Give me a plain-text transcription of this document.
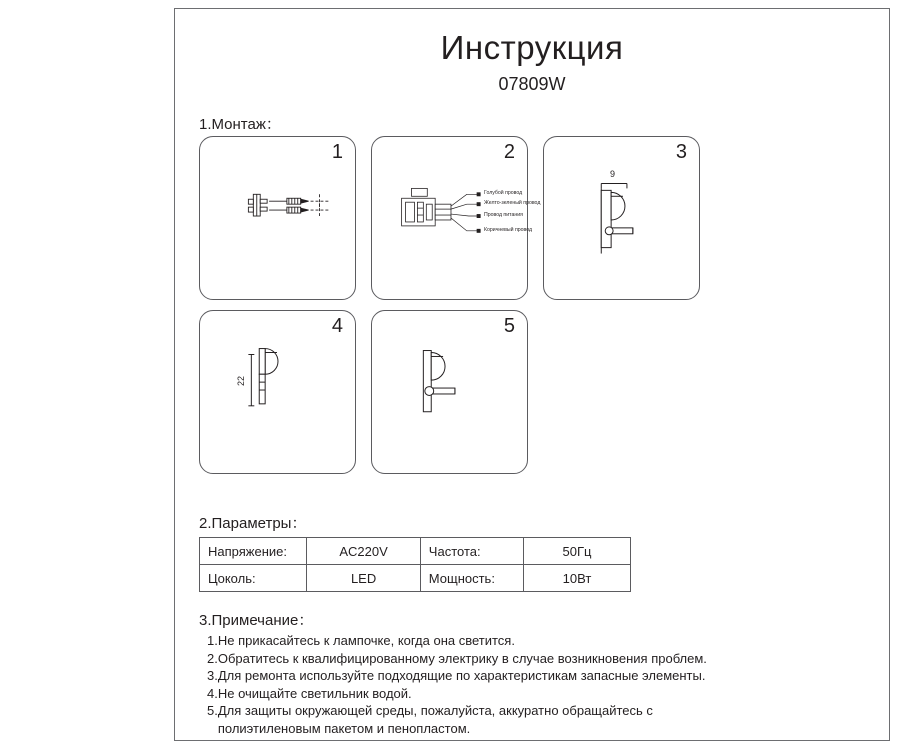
Инструкция
07809W
1.Монтаж：
1	2
Голубой провод
Желто-зеленый провод
Провод питания
Коричневый провод
3
9
4
22
5
2.Параметры：
Напряжение:	AC220V	Частота:	50Гц
Цоколь:	LED	Мощность:	10Вт
3.Примечание：
1.Не прикасайтесь к лампочке, когда она светится.
2.Обратитесь к квалифицированному электрику в случае возникновения проблем.
3.Для ремонта используйте подходящие по характеристикам запасные элементы.
4.Не очищайте светильник водой.
5.Для защиты окружающей среды, пожалуйста, аккуратно обращайтесь с
полиэтиленовым пакетом и пенопластом.
